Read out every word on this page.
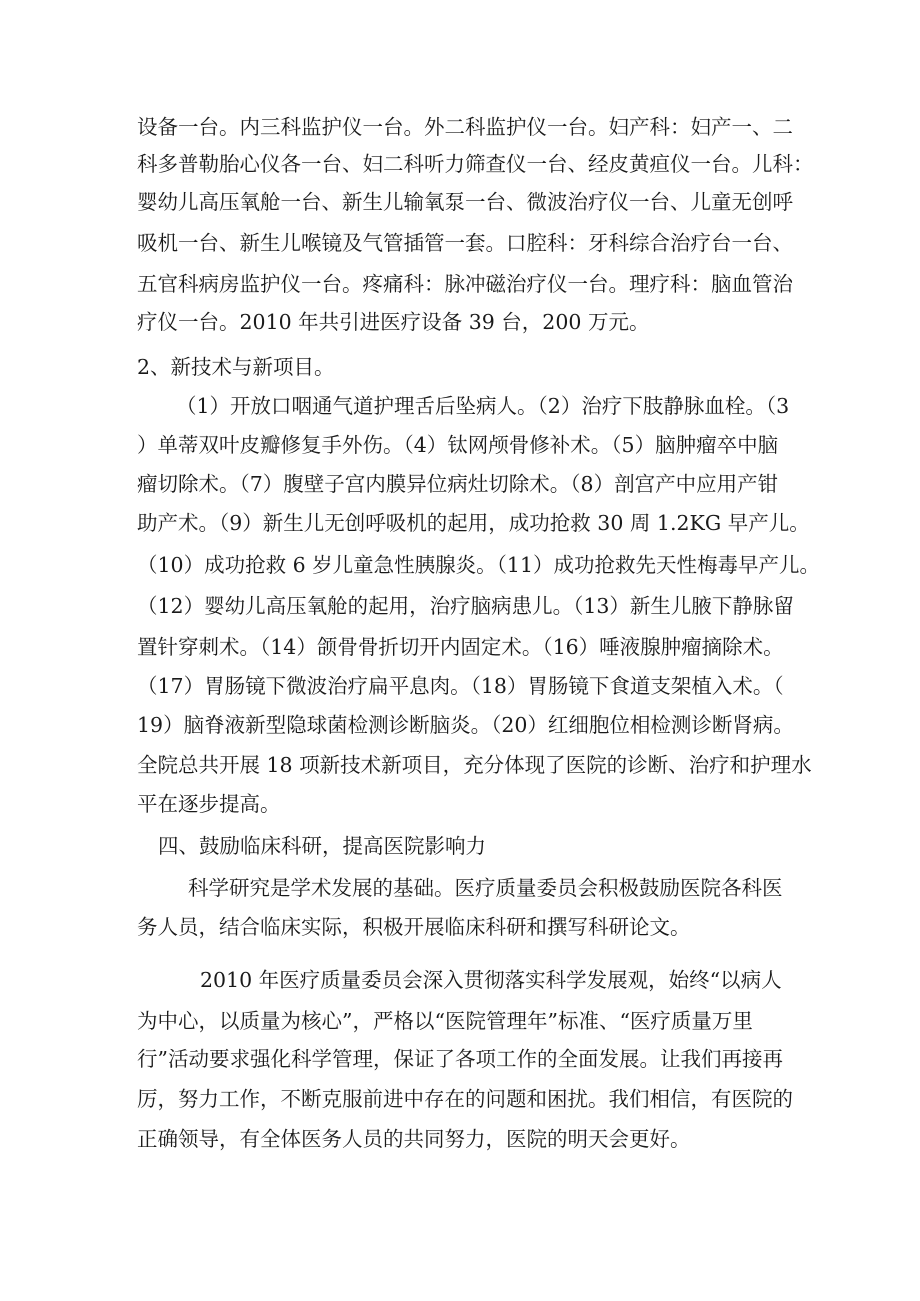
设备一台。内三科监护仪一台。外二科监护仪一台。妇产科：妇产一、二
科多普勒胎心仪各一台、妇二科听力筛查仪一台、经皮黄疸仪一台。儿科：
婴幼儿高压氧舱一台、新生儿输氧泵一台、微波治疗仪一台、儿童无创呼
吸机一台、新生儿喉镜及气管插管一套。口腔科：牙科综合治疗台一台、
五官科病房监护仪一台。疼痛科：脉冲磁治疗仪一台。理疗科：脑血管治
疗仪一台。2010 年共引进医疗设备 39 台，200 万元。
2、新技术与新项目。
（1）开放口咽通气道护理舌后坠病人。（2）治疗下肢静脉血栓。（3
）单蒂双叶皮瓣修复手外伤。（4）钛网颅骨修补术。（5）脑肿瘤卒中脑
瘤切除术。（7）腹壁子宫内膜异位病灶切除术。（8）剖宫产中应用产钳
助产术。（9）新生儿无创呼吸机的起用，成功抢救 30 周 1.2KG 早产儿。
（10）成功抢救 6 岁儿童急性胰腺炎。（11）成功抢救先天性梅毒早产儿。
（12）婴幼儿高压氧舱的起用，治疗脑病患儿。（13）新生儿腋下静脉留
置针穿刺术。（14）颌骨骨折切开内固定术。（16）唾液腺肿瘤摘除术。
（17）胃肠镜下微波治疗扁平息肉。（18）胃肠镜下食道支架植入术。（
19）脑脊液新型隐球菌检测诊断脑炎。（20）红细胞位相检测诊断肾病。
全院总共开展 18 项新技术新项目，充分体现了医院的诊断、治疗和护理水
平在逐步提高。
四、鼓励临床科研，提高医院影响力
科学研究是学术发展的基础。医疗质量委员会积极鼓励医院各科医
务人员，结合临床实际，积极开展临床科研和撰写科研论文。
2010 年医疗质量委员会深入贯彻落实科学发展观，始终“以病人
为中心，以质量为核心”，严格以“医院管理年”标准、“医疗质量万里
行”活动要求强化科学管理，保证了各项工作的全面发展。让我们再接再
厉，努力工作，不断克服前进中存在的问题和困扰。我们相信，有医院的
正确领导，有全体医务人员的共同努力，医院的明天会更好。
